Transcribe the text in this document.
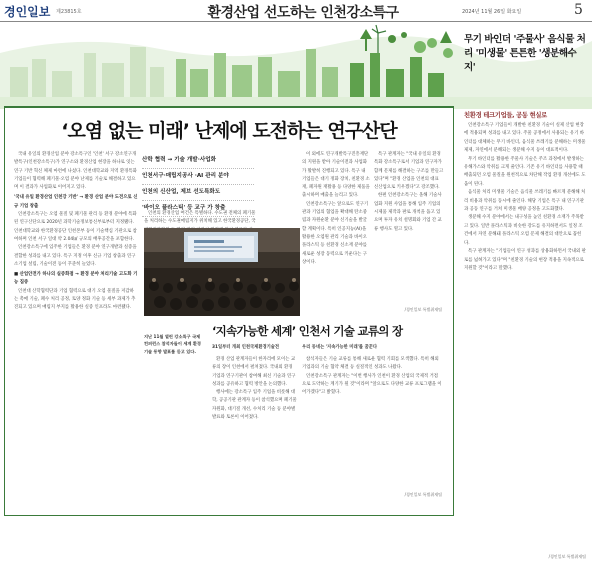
경인일보 제23815호	환경산업 선도하는 인천강소특구	2024년 11월 26일 화요일	5
‘오염 없는 미래’ 난제에 도전하는 연구산단

국내 유일의 환경산업 분야 강소특구인 '인천' 서구 강소연구개발특구(인천강소특구)가 연구소와 환경산업 현장을 하나로 잇는 연구 기반 혁신 체제 마련에 나섰다. 인천대학교와 지역 환경특화 기업들이 협력해 폐기물·오염 분야 난제를 기술로 해결하고 있으며 이 결과가 사업화로 이어지고 있다.

'국내 유일 환경산업 인천강 기반' → 환경 산업 분야 도전으로 신규 기업 창출

인천강소특구는 오염 물질 및 폐기물 관리 등 환경 분야에 특화된 연구산단으로 2020년 과학기술정보통신부로부터 지정됐다. 인천대학교와 한국환경공단 인천본부 등이 기술핵심 기관으로 참여하며 인천 서구 일대 약 2.04㎢ 규모의 배후공간을 포함한다.

인천강소특구에 입주한 기업들은 환경 분야 연구개발과 실증을 결합한 성과를 내고 있다. 특구 지정 이후 신규 기업 창출과 연구소기업 설립, 기술이전 등이 꾸준히 늘었다.

■ 산업안전가 하나의 실증화점 → 환경 분야 처리기술 고도화 기능 집중

인천대 산학협력단과 기업 협력으로 대기 오염 물질을 저감하는 촉매 기술, 폐수 처리 공정, 토양 정화 기술 등 세부 과제가 추진되고 있으며 매립지 부지를 활용한 실증 인프라도 마련됐다.

산학 협력 → 기술 개발·사업화
인천서구·매립지공사 ·AI 관리 분야
인천의 신산업, 제브 선도특화도
'바이오 플라스틱' 등 교구 가 창출

인천의 환경산업 여건은 특별하다. 수도권 전체의 폐기물을 처리하는 수도권매립지가 위치해 있고 한국환경공단, 국

이 외에도 연구개발특구진흥재단의 지원을 받아 기술이전과 사업화가 활발히 진행되고 있다. 특구 내 기업들은 대기 정화 장치, 친환경 소재, 폐자원 재활용 등 다양한 제품을 출시하며 매출을 늘리고 있다.

인천강소특구는 앞으로도 연구기관과 기업의 협업을 확대해 탄소중립과 자원순환 분야 신기술을 발굴할 계획이다. 특히 인공지능(AI)을 활용한 오염원 관리 기술과 바이오 플라스틱 등 친환경 신소재 분야를 새로운 성장 동력으로 키운다는 구상이다.

특구 관계자는 "국내 유일의 환경 특화 강소특구로서 기업과 연구자가 함께 문제를 해결하는 구조를 만들고 있다"며 "환경 산업을 인천의 대표 신산업으로 키우겠다"고 강조했다.

한편 인천강소특구는 올해 기술사업화 지원 사업을 통해 입주 기업의 시제품 제작과 판로 개척을 돕고 있으며 투자 유치 설명회와 기업 간 교류 행사도 열고 있다.

/경인일보 특별취재팀
‘지속가능한 세계’ 인천서 기술 교류의 장
지난 11월 열린 강소특구 국제 컨퍼런스 참석자들이 세계 환경기술 동향 발표를 듣고 있다.
31일부터 개최 인천국제환경기술전	우리 동네는 '지속가능한 미래'를 꿈꾼다

환경 산업 관계자들이 한자리에 모이는 교류의 장이 인천에서 펼쳐졌다. 국내외 환경 기업과 연구기관이 참여해 최신 기술과 연구 성과를 공유하고 협력 방안을 논의했다.

행사에는 강소특구 입주 기업을 비롯해 대학, 공공기관 관계자 등이 참석했으며 폐기물 자원화, 대기질 개선, 수처리 기술 등 분야별 발표와 토론이 이어졌다.

참석자들은 기술 교류를 통해 새로운 협력 기회를 모색했다. 특히 해외 기업과의 기술 협약 체결 등 실질적인 성과도 나왔다.

인천강소특구 관계자는 "이번 행사가 인천이 환경 산업의 국제적 거점으로 도약하는 계기가 될 것"이라며 "앞으로도 다양한 교류 프로그램을 이어가겠다"고 밝혔다.

/경인일보 특별취재팀
무기 바인더 '주물사' 음식물 처리 '미생물' 튼튼한 '생분해수지'
친환경 테크기업들, 공동 현실로

인천강소특구 기업들이 개발한 친환경 기술이 실제 산업 현장에 적용되며 성과를 내고 있다. 주물 공정에서 사용되는 유기 바인더를 대체하는 무기 바인더, 음식물 쓰레기를 분해하는 미생물 제제, 자연에서 분해되는 생분해 수지 등이 대표적이다.

무기 바인더를 활용한 주물사 기술은 주조 과정에서 발생하는 유해가스와 악취를 크게 줄인다. 기존 유기 바인더를 사용할 때 배출되던 오염 물질을 원천적으로 차단해 작업 환경 개선에도 도움이 된다.

음식물 처리 미생물 기술은 음식물 쓰레기를 빠르게 분해해 처리 비용과 악취를 동시에 줄인다. 해당 기업은 특구 내 연구기관과 공동 연구를 거쳐 미생물 배양 공정을 고도화했다.

생분해 수지 분야에서는 내구성을 높인 친환경 소재가 주목받고 있다. 일반 플라스틱과 비슷한 강도를 유지하면서도 일정 조건에서 자연 분해돼 플라스틱 오염 문제 해결의 대안으로 꼽힌다.

특구 관계자는 "기업들이 연구 성과를 상용화하면서 국내외 판로를 넓혀가고 있다"며 "친환경 기술의 현장 적용을 지속적으로 지원할 것"이라고 말했다.

/경인일보 특별취재팀
